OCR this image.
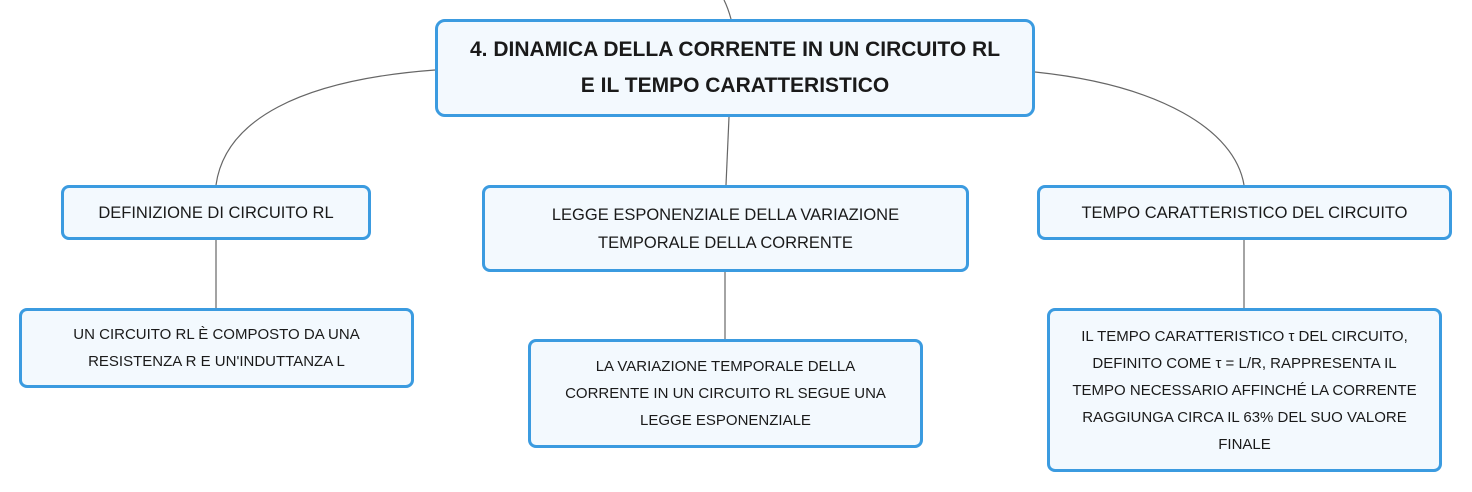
4. DINAMICA DELLA CORRENTE IN UN CIRCUITO RL
E IL TEMPO CARATTERISTICO
DEFINIZIONE DI CIRCUITO RL	LEGGE ESPONENZIALE DELLA VARIAZIONE
TEMPORALE DELLA CORRENTE
TEMPO CARATTERISTICO DEL CIRCUITO
UN CIRCUITO RL È COMPOSTO DA UNA
RESISTENZA R E UN'INDUTTANZA L	LA VARIAZIONE TEMPORALE DELLA
CORRENTE IN UN CIRCUITO RL SEGUE UNA
LEGGE ESPONENZIALE
IL TEMPO CARATTERISTICO τ DEL CIRCUITO,
DEFINITO COME τ = L/R, RAPPRESENTA IL
TEMPO NECESSARIO AFFINCHÉ LA CORRENTE
RAGGIUNGA CIRCA IL 63% DEL SUO VALORE
FINALE
